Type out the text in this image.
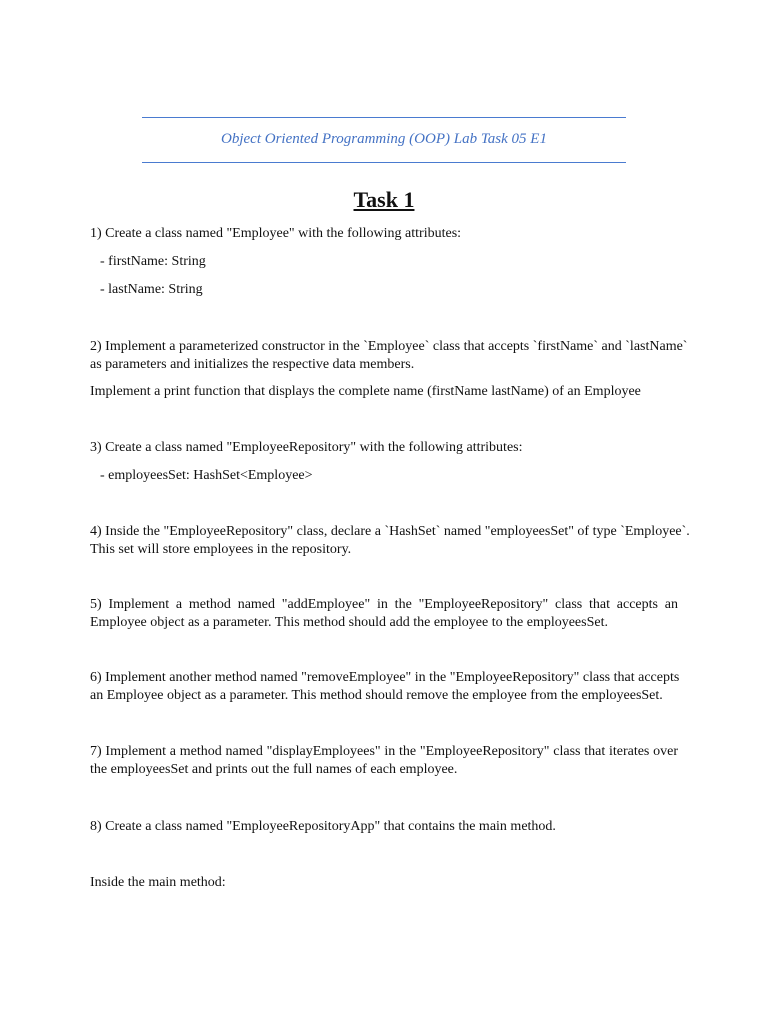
Object Oriented Programming (OOP) Lab Task 05 E1
Task 1
1) Create a class named "Employee" with the following attributes:
- firstName: String
- lastName: String
2) Implement a parameterized constructor in the `Employee` class that accepts `firstName` and `lastName`
as parameters and initializes the respective data members.
Implement a print function that displays the complete name (firstName lastName) of an Employee
3) Create a class named "EmployeeRepository" with the following attributes:
- employeesSet: HashSet<Employee>
4) Inside the "EmployeeRepository" class, declare a `HashSet` named "employeesSet" of type `Employee`.
This set will store employees in the repository.
5) Implement a method named "addEmployee" in the "EmployeeRepository" class that accepts an
Employee object as a parameter. This method should add the employee to the employeesSet.
6) Implement another method named "removeEmployee" in the "EmployeeRepository" class that accepts
an Employee object as a parameter. This method should remove the employee from the employeesSet.
7) Implement a method named "displayEmployees" in the "EmployeeRepository" class that iterates over
the employeesSet and prints out the full names of each employee.
8) Create a class named "EmployeeRepositoryApp" that contains the main method.
Inside the main method:
